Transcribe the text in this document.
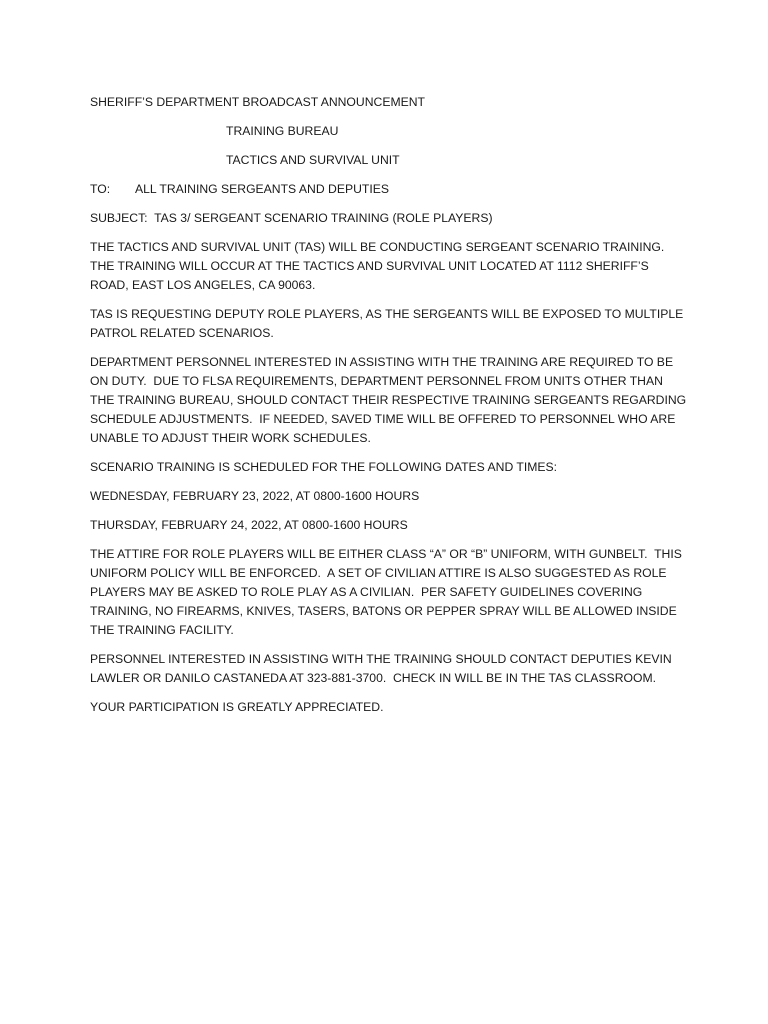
SHERIFF’S DEPARTMENT BROADCAST ANNOUNCEMENT
TRAINING BUREAU
TACTICS AND SURVIVAL UNIT
TO:	ALL TRAINING SERGEANTS AND DEPUTIES
SUBJECT:  TAS 3/ SERGEANT SCENARIO TRAINING (ROLE PLAYERS)

THE TACTICS AND SURVIVAL UNIT (TAS) WILL BE CONDUCTING SERGEANT SCENARIO TRAINING.  THE TRAINING WILL OCCUR AT THE TACTICS AND SURVIVAL UNIT LOCATED AT 1112 SHERIFF’S ROAD, EAST LOS ANGELES, CA 90063.

TAS IS REQUESTING DEPUTY ROLE PLAYERS, AS THE SERGEANTS WILL BE EXPOSED TO MULTIPLE PATROL RELATED SCENARIOS.

DEPARTMENT PERSONNEL INTERESTED IN ASSISTING WITH THE TRAINING ARE REQUIRED TO BE ON DUTY.  DUE TO FLSA REQUIREMENTS, DEPARTMENT PERSONNEL FROM UNITS OTHER THAN THE TRAINING BUREAU, SHOULD CONTACT THEIR RESPECTIVE TRAINING SERGEANTS REGARDING SCHEDULE ADJUSTMENTS.  IF NEEDED, SAVED TIME WILL BE OFFERED TO PERSONNEL WHO ARE UNABLE TO ADJUST THEIR WORK SCHEDULES.

SCENARIO TRAINING IS SCHEDULED FOR THE FOLLOWING DATES AND TIMES:

WEDNESDAY, FEBRUARY 23, 2022, AT 0800-1600 HOURS

THURSDAY, FEBRUARY 24, 2022, AT 0800-1600 HOURS

THE ATTIRE FOR ROLE PLAYERS WILL BE EITHER CLASS “A” OR “B” UNIFORM, WITH GUNBELT.  THIS UNIFORM POLICY WILL BE ENFORCED.  A SET OF CIVILIAN ATTIRE IS ALSO SUGGESTED AS ROLE PLAYERS MAY BE ASKED TO ROLE PLAY AS A CIVILIAN.  PER SAFETY GUIDELINES COVERING TRAINING, NO FIREARMS, KNIVES, TASERS, BATONS OR PEPPER SPRAY WILL BE ALLOWED INSIDE THE TRAINING FACILITY.

PERSONNEL INTERESTED IN ASSISTING WITH THE TRAINING SHOULD CONTACT DEPUTIES KEVIN LAWLER OR DANILO CASTANEDA AT 323-881-3700.  CHECK IN WILL BE IN THE TAS CLASSROOM.

YOUR PARTICIPATION IS GREATLY APPRECIATED.
